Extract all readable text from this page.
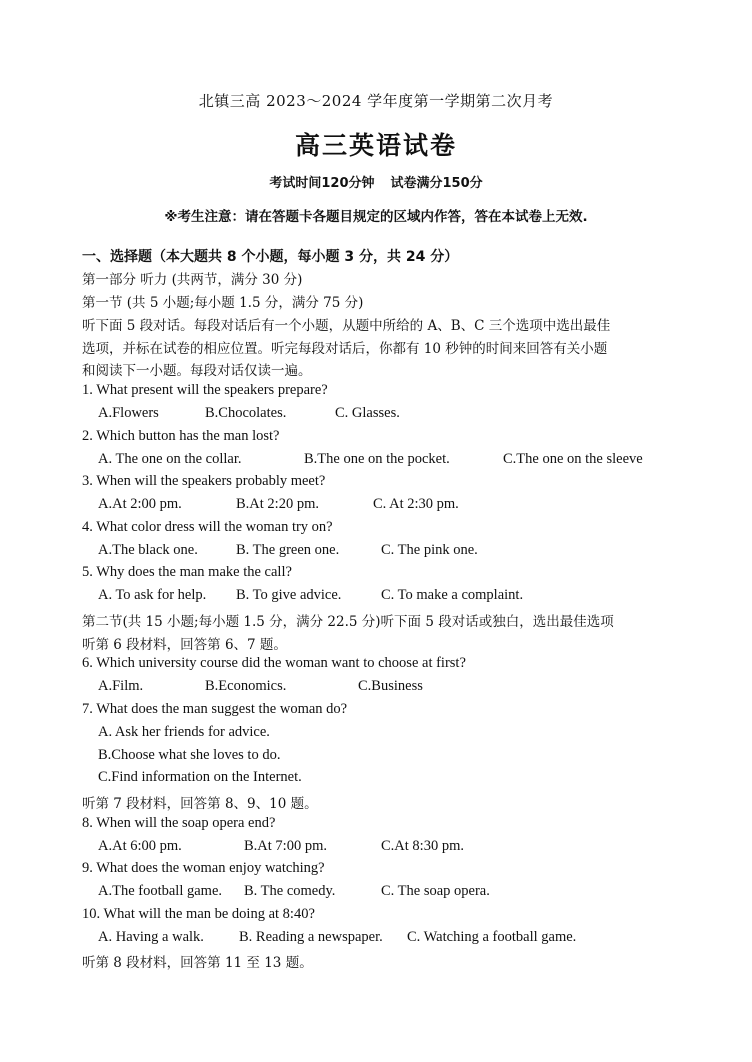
北镇三高 2023～2024 学年度第一学期第二次月考
高三英语试卷
考试时间120分钟 试卷满分150分
※考生注意：请在答题卡各题目规定的区域内作答，答在本试卷上无效.
一、选择题（本大题共 8 个小题，每小题 3 分，共 24 分）
第一部分 听力 (共两节，满分 30 分)
第一节 (共 5 小题;每小题 1.5 分，满分 75 分)
听下面 5 段对话。每段对话后有一个小题，从题中所给的 A、B、C 三个选项中选出最佳
选项，并标在试卷的相应位置。听完每段对话后，你都有 10 秒钟的时间来回答有关小题
和阅读下一小题。每段对话仅读一遍。
1. What present will the speakers prepare?
A.Flowers	B.Chocolates.	C. Glasses.
2. Which button has the man lost?
A. The one on the collar.	B.The one on the pocket.	C.The one on the sleeve
3. When will the speakers probably meet?
A.At 2:00 pm.	B.At 2:20 pm.	C. At 2:30 pm.
4. What color dress will the woman try on?
A.The black one.	B. The green one.	C. The pink one.
5. Why does the man make the call?
A. To ask for help. B. To give advice.	C. To make a complaint.
第二节(共 15 小题;每小题 1.5 分，满分 22.5 分)听下面 5 段对话或独白，选出最佳选项
听第 6 段材料，回答第 6、7 题。
6. Which university course did the woman want to choose at first?
A.Film.	B.Economics.	C.Business
7. What does the man suggest the woman do?
A. Ask her friends for advice.
B.Choose what she loves to do.
C.Find information on the Internet.
听第 7 段材料，回答第 8、9、10 题。
8. When will the soap opera end?
A.At 6:00 pm.	B.At 7:00 pm.	C.At 8:30 pm.
9. What does the woman enjoy watching?
A.The football game. B. The comedy.	C. The soap opera.
10. What will the man be doing at 8:40?
A. Having a walk. B. Reading a newspaper. C. Watching a football game.
听第 8 段材料，回答第 11 至 13 题。
